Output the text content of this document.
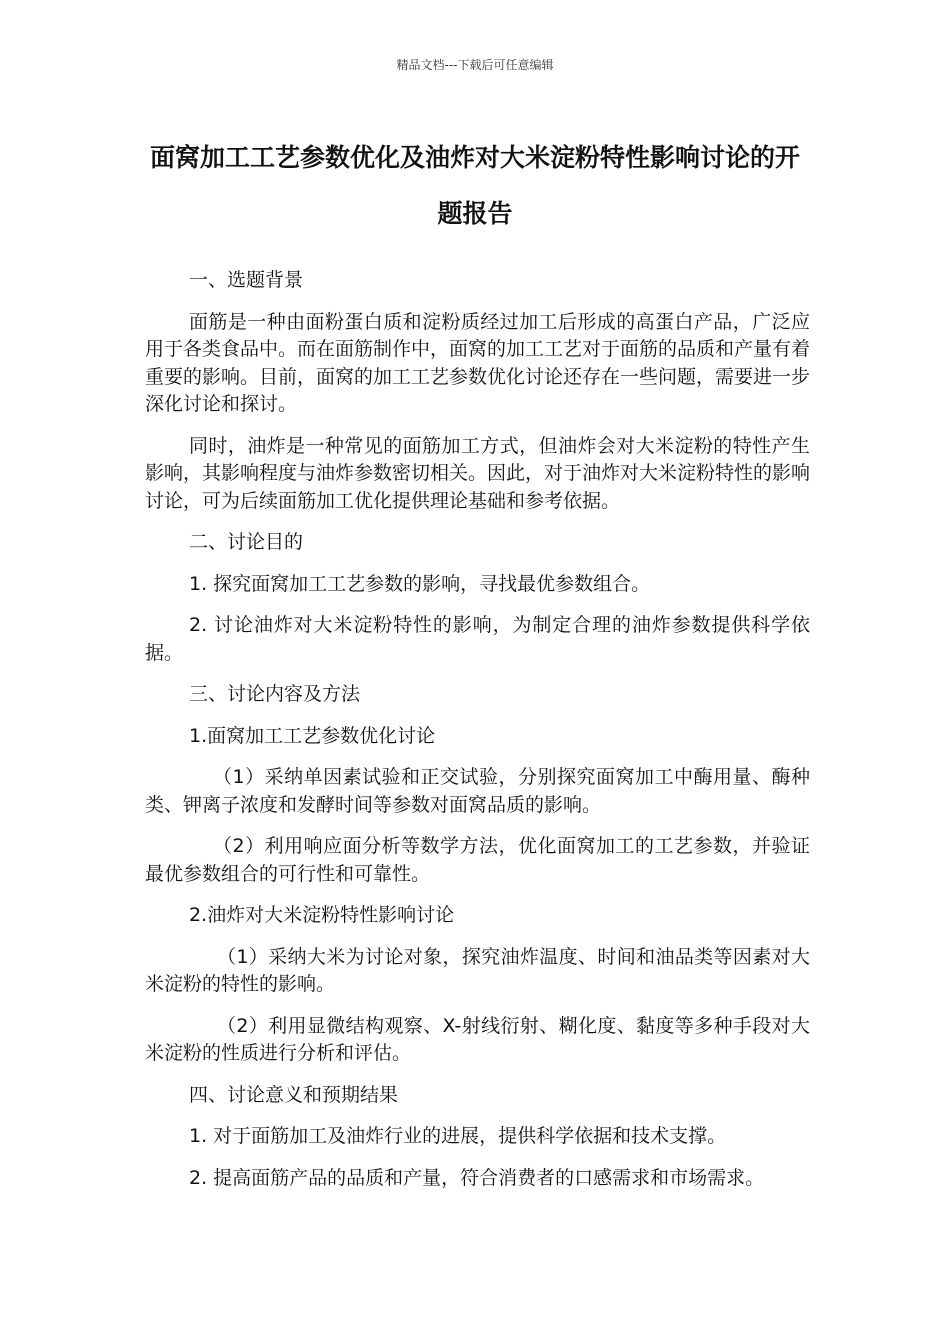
精品文档---下载后可任意编辑
面窝加工工艺参数优化及油炸对大米淀粉特性影响讨论的开题报告

一、选题背景

面筋是一种由面粉蛋白质和淀粉质经过加工后形成的高蛋白产品，广泛应用于各类食品中。而在面筋制作中，面窝的加工工艺对于面筋的品质和产量有着重要的影响。目前，面窝的加工工艺参数优化讨论还存在一些问题，需要进一步深化讨论和探讨。

同时，油炸是一种常见的面筋加工方式，但油炸会对大米淀粉的特性产生影响，其影响程度与油炸参数密切相关。因此，对于油炸对大米淀粉特性的影响讨论，可为后续面筋加工优化提供理论基础和参考依据。

二、讨论目的

1. 探究面窝加工工艺参数的影响，寻找最优参数组合。

2. 讨论油炸对大米淀粉特性的影响，为制定合理的油炸参数提供科学依据。

三、讨论内容及方法

1.面窝加工工艺参数优化讨论

（1）采纳单因素试验和正交试验，分别探究面窝加工中酶用量、酶种类、钾离子浓度和发酵时间等参数对面窝品质的影响。

（2）利用响应面分析等数学方法，优化面窝加工的工艺参数，并验证最优参数组合的可行性和可靠性。

2.油炸对大米淀粉特性影响讨论

（1）采纳大米为讨论对象，探究油炸温度、时间和油品类等因素对大米淀粉的特性的影响。

（2）利用显微结构观察、X-射线衍射、糊化度、黏度等多种手段对大米淀粉的性质进行分析和评估。

四、讨论意义和预期结果

1. 对于面筋加工及油炸行业的进展，提供科学依据和技术支撑。

2. 提高面筋产品的品质和产量，符合消费者的口感需求和市场需求。
